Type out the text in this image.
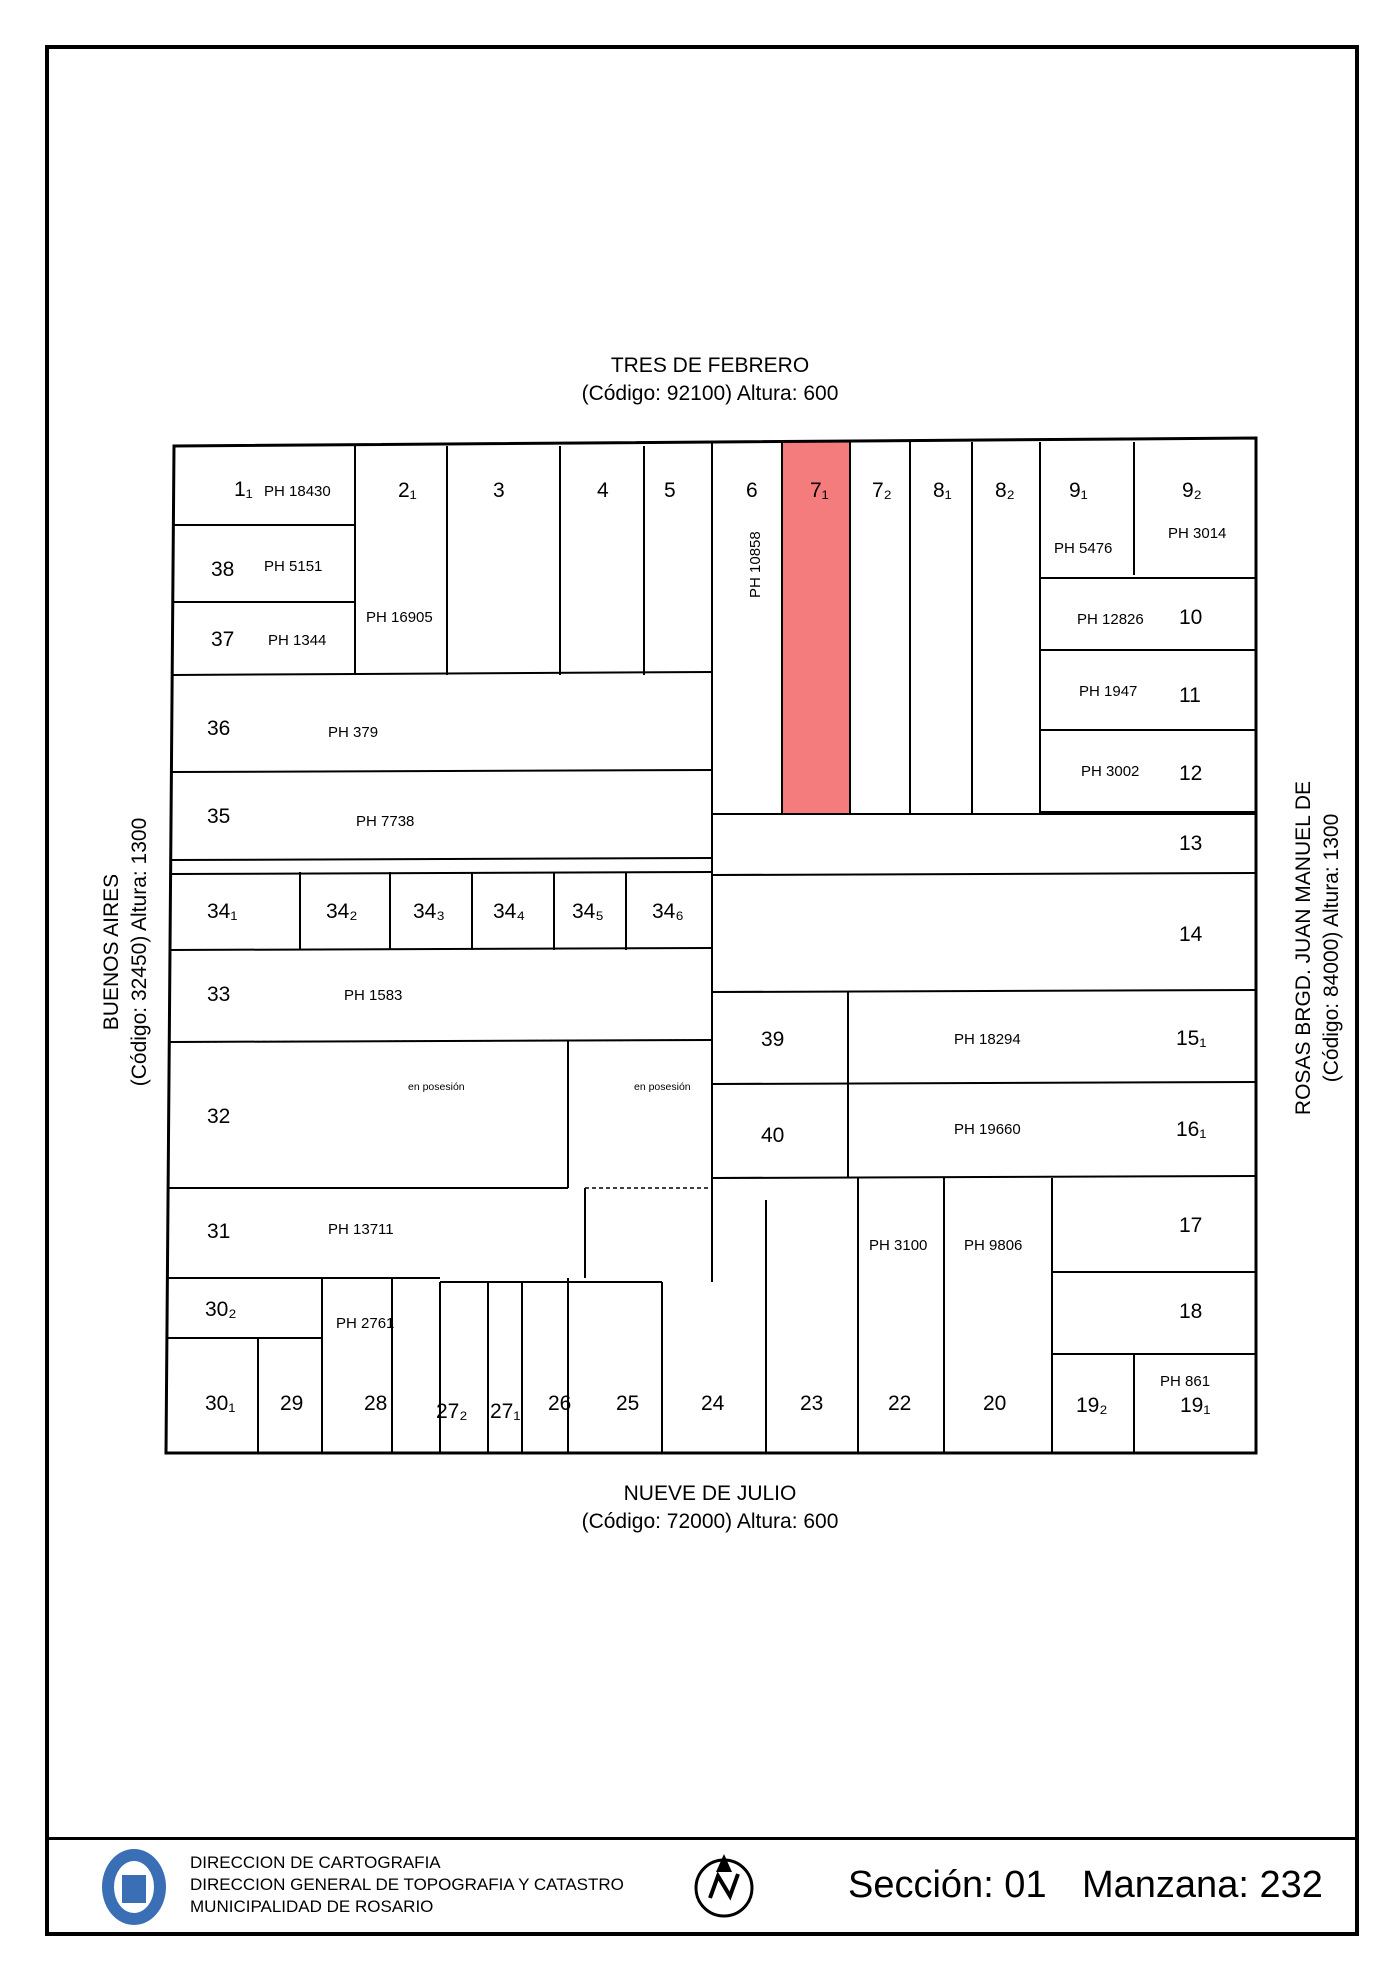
TRES DE FEBRERO
(Código: 92100) Altura: 600
NUEVE DE JULIO
(Código: 72000) Altura: 600
BUENOS AIRES (Código: 32450) Altura: 1300	ROSAS BRGD. JUAN MANUEL DE (Código: 84000) Altura: 1300
1₁	2₁	3	4	5	6 7₁ 7₂ 8₁ 8₂	9₁	9₂
10
11
12
13
14
15₁
16₁
17
18
19₁
19₂
20
22
23
24
25
26
27₁
27₂
28
29
30₁
30₂
31
32
33
34₁	34₂	34₃ 34₄ 34₅ 34₆
35
36
37
38
39
40
PH 18430
PH 16905
PH 10858	PH 5476
PH 3014
PH 12826
PH 1947
PH 3002
PH 18294
PH 19660
PH 861
PH 9806
PH 3100
PH 2761
PH 13711
PH 1583
PH 7738
PH 379
PH 1344
PH 5151
en posesión	en posesión
DIRECCION DE CARTOGRAFIA
DIRECCION GENERAL DE TOPOGRAFIA Y CATASTRO
MUNICIPALIDAD DE ROSARIO
Sección: 01 Manzana: 232
